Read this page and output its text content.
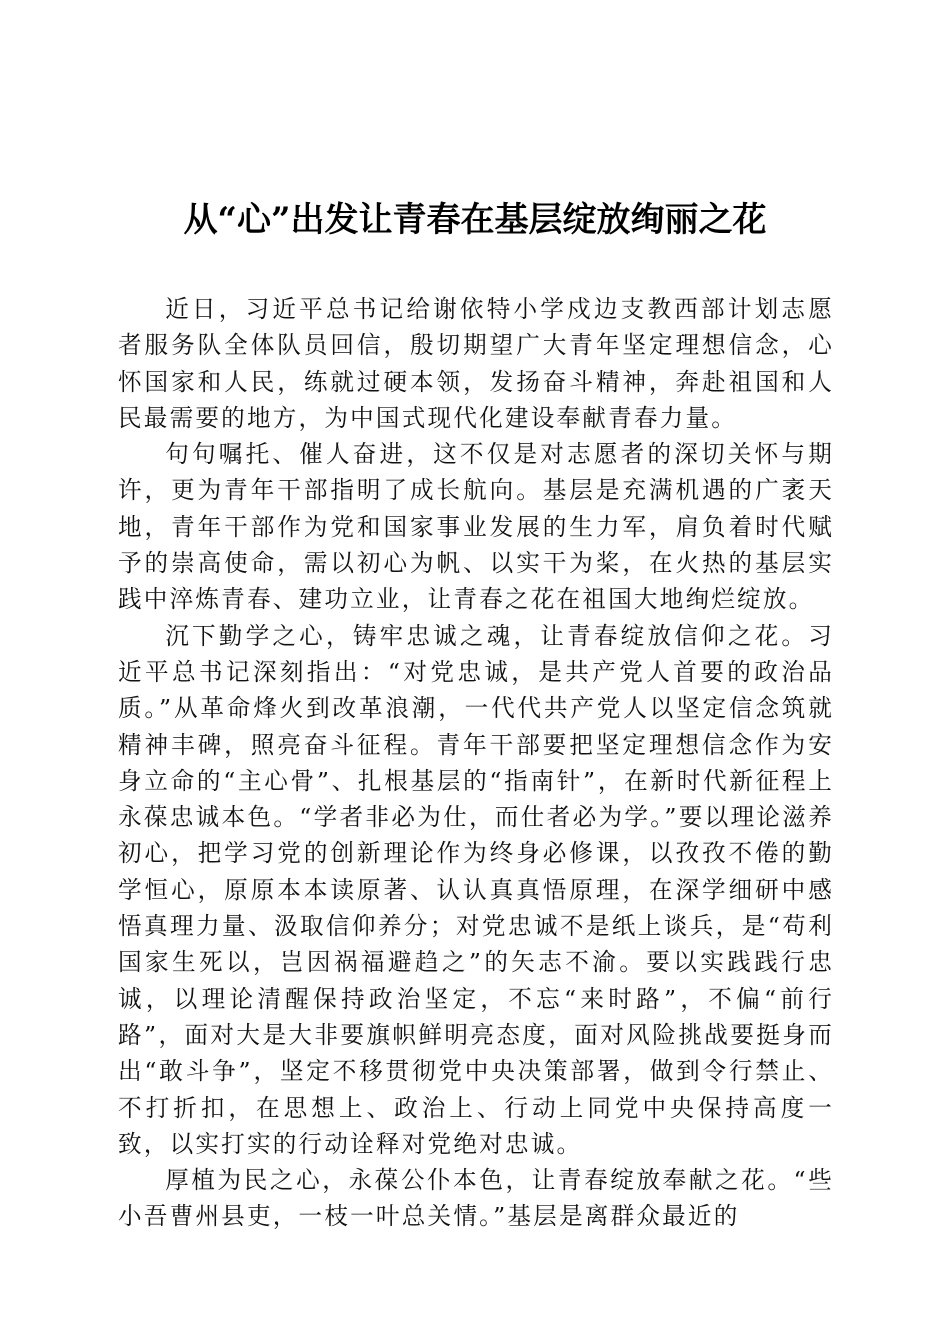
从“心”出发让青春在基层绽放绚丽之花

近日，习近平总书记给谢依特小学戍边支教西部计划志愿者服务队全体队员回信，殷切期望广大青年坚定理想信念，心怀国家和人民，练就过硬本领，发扬奋斗精神，奔赴祖国和人民最需要的地方，为中国式现代化建设奉献青春力量。

句句嘱托、催人奋进，这不仅是对志愿者的深切关怀与期许，更为青年干部指明了成长航向。基层是充满机遇的广袤天地，青年干部作为党和国家事业发展的生力军，肩负着时代赋予的崇高使命，需以初心为帆、以实干为桨，在火热的基层实践中淬炼青春、建功立业，让青春之花在祖国大地绚烂绽放。

沉下勤学之心，铸牢忠诚之魂，让青春绽放信仰之花。习近平总书记深刻指出：“对党忠诚，是共产党人首要的政治品质。”从革命烽火到改革浪潮，一代代共产党人以坚定信念筑就精神丰碑，照亮奋斗征程。青年干部要把坚定理想信念作为安身立命的“主心骨”、扎根基层的“指南针”，在新时代新征程上永葆忠诚本色。“学者非必为仕，而仕者必为学。”要以理论滋养初心，把学习党的创新理论作为终身必修课，以孜孜不倦的勤学恒心，原原本本读原著、认认真真悟原理，在深学细研中感悟真理力量、汲取信仰养分；对党忠诚不是纸上谈兵，是“苟利国家生死以，岂因祸福避趋之”的矢志不渝。要以实践践行忠诚，以理论清醒保持政治坚定，不忘“来时路”，不偏“前行路”，面对大是大非要旗帜鲜明亮态度，面对风险挑战要挺身而出“敢斗争”，坚定不移贯彻党中央决策部署，做到令行禁止、不打折扣，在思想上、政治上、行动上同党中央保持高度一致，以实打实的行动诠释对党绝对忠诚。

厚植为民之心，永葆公仆本色，让青春绽放奉献之花。“些小吾曹州县吏，一枝一叶总关情。”基层是离群众最近的
